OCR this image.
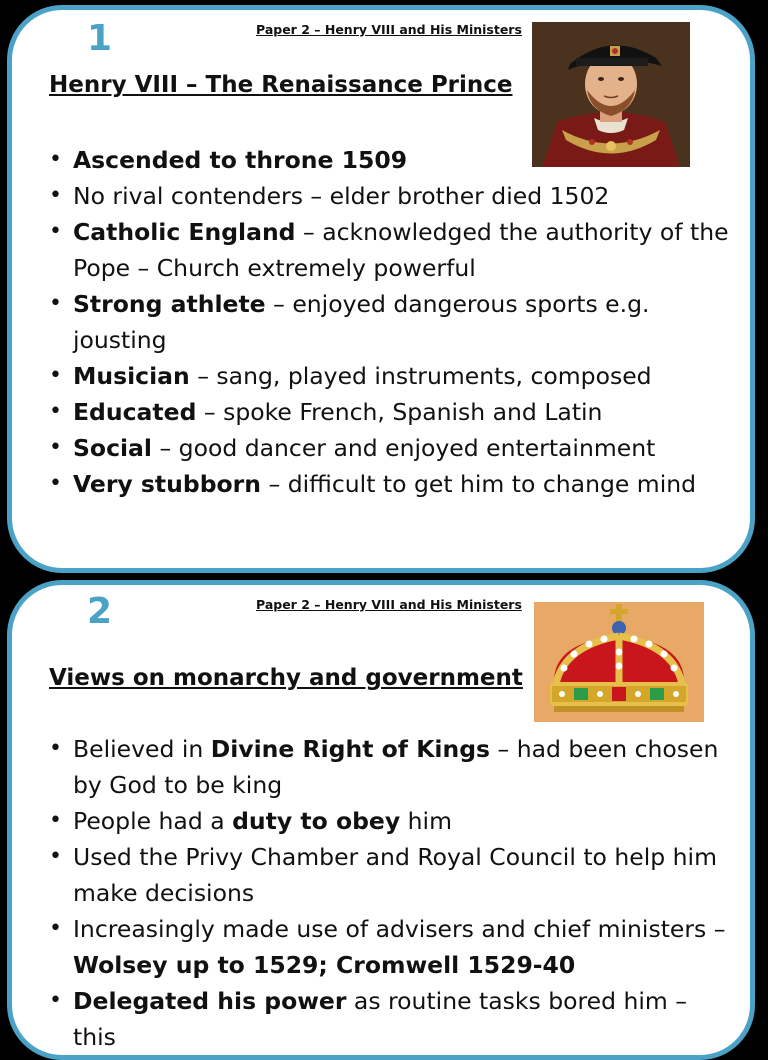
1	Paper 2 – Henry VIII and His Ministers
Henry VIII – The Renaissance Prince
• Ascended to throne 1509
• No rival contenders – elder brother died 1502
• Catholic England – acknowledged the authority of the Pope – Church extremely powerful
• Strong athlete – enjoyed dangerous sports e.g. jousting
• Musician – sang, played instruments, composed
• Educated – spoke French, Spanish and Latin
• Social – good dancer and enjoyed entertainment
• Very stubborn – difficult to get him to change mind
2	Paper 2 – Henry VIII and His Ministers
Views on monarchy and government
• Believed in Divine Right of Kings – had been chosen by God to be king
• People had a duty to obey him
• Used the Privy Chamber and Royal Council to help him make decisions
• Increasingly made use of advisers and chief ministers – Wolsey up to 1529; Cromwell 1529-40
• Delegated his power as routine tasks bored him – this
